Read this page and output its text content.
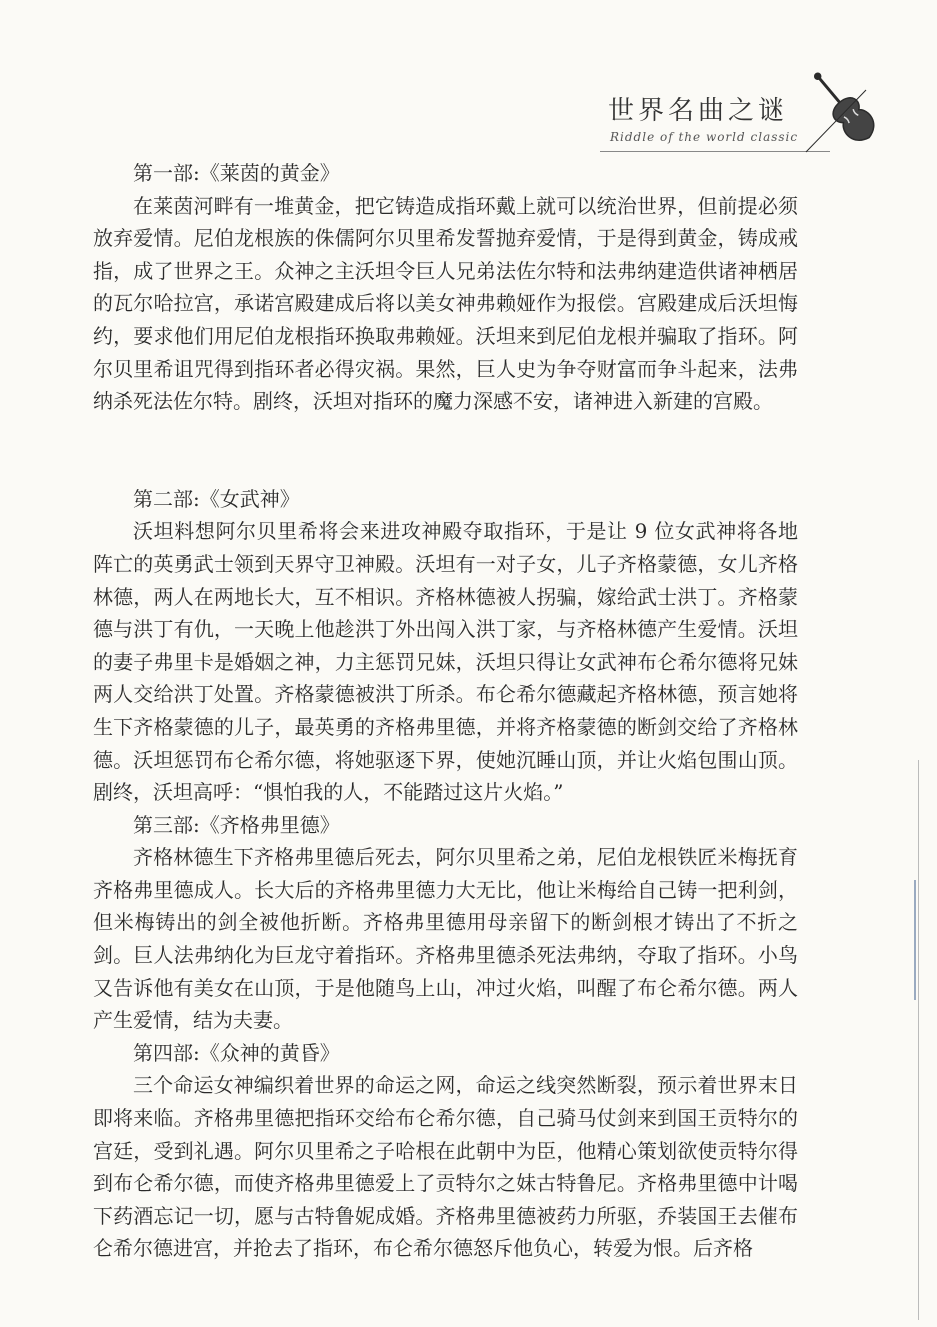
世界名曲之谜
Riddle of the world classic
第一部:《莱茵的黄金》

在莱茵河畔有一堆黄金，把它铸造成指环戴上就可以统治世界，但前提必须放弃爱情。尼伯龙根族的侏儒阿尔贝里希发誓抛弃爱情，于是得到黄金，铸成戒指，成了世界之王。众神之主沃坦令巨人兄弟法佐尔特和法弗纳建造供诸神栖居的瓦尔哈拉宫，承诺宫殿建成后将以美女神弗赖娅作为报偿。宫殿建成后沃坦悔约，要求他们用尼伯龙根指环换取弗赖娅。沃坦来到尼伯龙根并骗取了指环。阿尔贝里希诅咒得到指环者必得灾祸。果然，巨人史为争夺财富而争斗起来，法弗纳杀死法佐尔特。剧终，沃坦对指环的魔力深感不安，诸神进入新建的宫殿。

第二部:《女武神》

沃坦料想阿尔贝里希将会来进攻神殿夺取指环，于是让 9 位女武神将各地阵亡的英勇武士领到天界守卫神殿。沃坦有一对子女，儿子齐格蒙德，女儿齐格林德，两人在两地长大，互不相识。齐格林德被人拐骗，嫁给武士洪丁。齐格蒙德与洪丁有仇，一天晚上他趁洪丁外出闯入洪丁家，与齐格林德产生爱情。沃坦的妻子弗里卡是婚姻之神，力主惩罚兄妹，沃坦只得让女武神布仑希尔德将兄妹两人交给洪丁处置。齐格蒙德被洪丁所杀。布仑希尔德藏起齐格林德，预言她将生下齐格蒙德的儿子，最英勇的齐格弗里德，并将齐格蒙德的断剑交给了齐格林德。沃坦惩罚布仑希尔德，将她驱逐下界，使她沉睡山顶，并让火焰包围山顶。剧终，沃坦高呼：“惧怕我的人，不能踏过这片火焰。”

第三部:《齐格弗里德》

齐格林德生下齐格弗里德后死去，阿尔贝里希之弟，尼伯龙根铁匠米梅抚育齐格弗里德成人。长大后的齐格弗里德力大无比，他让米梅给自己铸一把利剑，但米梅铸出的剑全被他折断。齐格弗里德用母亲留下的断剑根才铸出了不折之剑。巨人法弗纳化为巨龙守着指环。齐格弗里德杀死法弗纳，夺取了指环。小鸟又告诉他有美女在山顶，于是他随鸟上山，冲过火焰，叫醒了布仑希尔德。两人产生爱情，结为夫妻。

第四部:《众神的黄昏》

三个命运女神编织着世界的命运之网，命运之线突然断裂，预示着世界末日即将来临。齐格弗里德把指环交给布仑希尔德，自己骑马仗剑来到国王贡特尔的宫廷，受到礼遇。阿尔贝里希之子哈根在此朝中为臣，他精心策划欲使贡特尔得到布仑希尔德，而使齐格弗里德爱上了贡特尔之妹古特鲁尼。齐格弗里德中计喝下药酒忘记一切，愿与古特鲁妮成婚。齐格弗里德被药力所驱，乔装国王去催布仑希尔德进宫，并抢去了指环，布仑希尔德怒斥他负心，转爱为恨。后齐格
